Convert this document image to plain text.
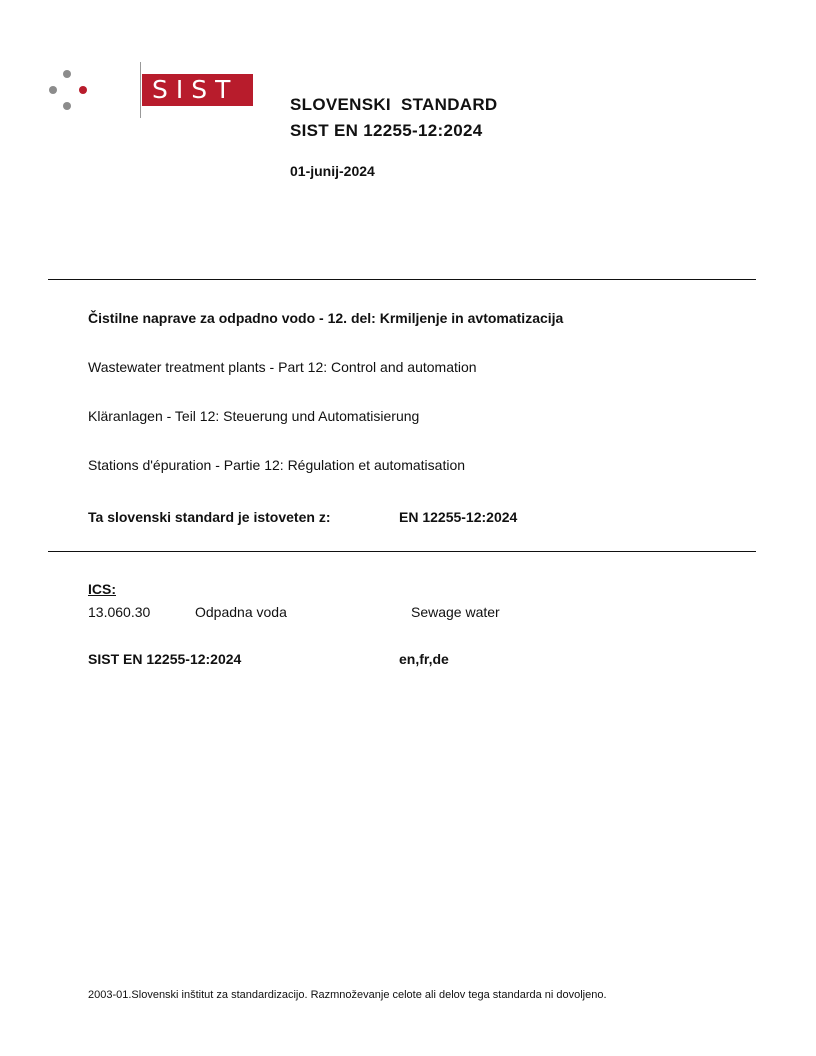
SIST
SLOVENSKI  STANDARD
SIST EN 12255-12:2024
01-junij-2024
Čistilne naprave za odpadno vodo - 12. del: Krmiljenje in avtomatizacija
Wastewater treatment plants - Part 12: Control and automation
Kläranlagen - Teil 12: Steuerung und Automatisierung
Stations d'épuration - Partie 12: Régulation et automatisation
Ta slovenski standard je istoveten z:	EN 12255-12:2024
ICS:
13.060.30	Odpadna voda	Sewage water
SIST EN 12255-12:2024	en,fr,de
2003-01.Slovenski inštitut za standardizacijo. Razmnoževanje celote ali delov tega standarda ni dovoljeno.
